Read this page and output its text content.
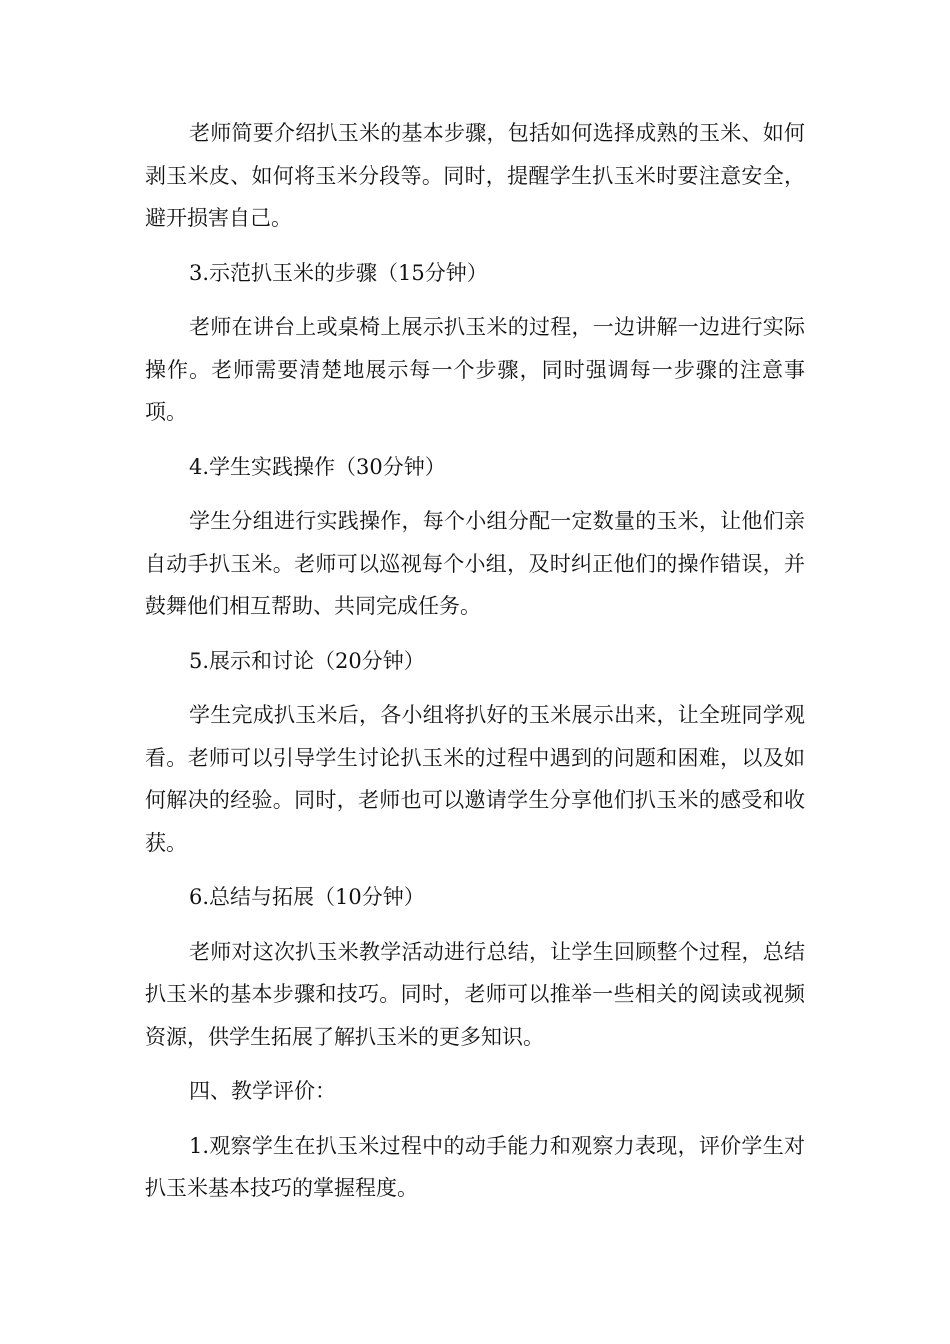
老师简要介绍扒玉米的基本步骤，包括如何选择成熟的玉米、如何剥玉米皮、如何将玉米分段等。同时，提醒学生扒玉米时要注意安全，避开损害自己。

3.示范扒玉米的步骤（15分钟）

老师在讲台上或桌椅上展示扒玉米的过程，一边讲解一边进行实际操作。老师需要清楚地展示每一个步骤，同时强调每一步骤的注意事项。

4.学生实践操作（30分钟）

学生分组进行实践操作，每个小组分配一定数量的玉米，让他们亲自动手扒玉米。老师可以巡视每个小组，及时纠正他们的操作错误，并鼓舞他们相互帮助、共同完成任务。

5.展示和讨论（20分钟）

学生完成扒玉米后，各小组将扒好的玉米展示出来，让全班同学观看。老师可以引导学生讨论扒玉米的过程中遇到的问题和困难，以及如何解决的经验。同时，老师也可以邀请学生分享他们扒玉米的感受和收获。

6.总结与拓展（10分钟）

老师对这次扒玉米教学活动进行总结，让学生回顾整个过程，总结扒玉米的基本步骤和技巧。同时，老师可以推举一些相关的阅读或视频资源，供学生拓展了解扒玉米的更多知识。

四、教学评价：

1.观察学生在扒玉米过程中的动手能力和观察力表现，评价学生对扒玉米基本技巧的掌握程度。
